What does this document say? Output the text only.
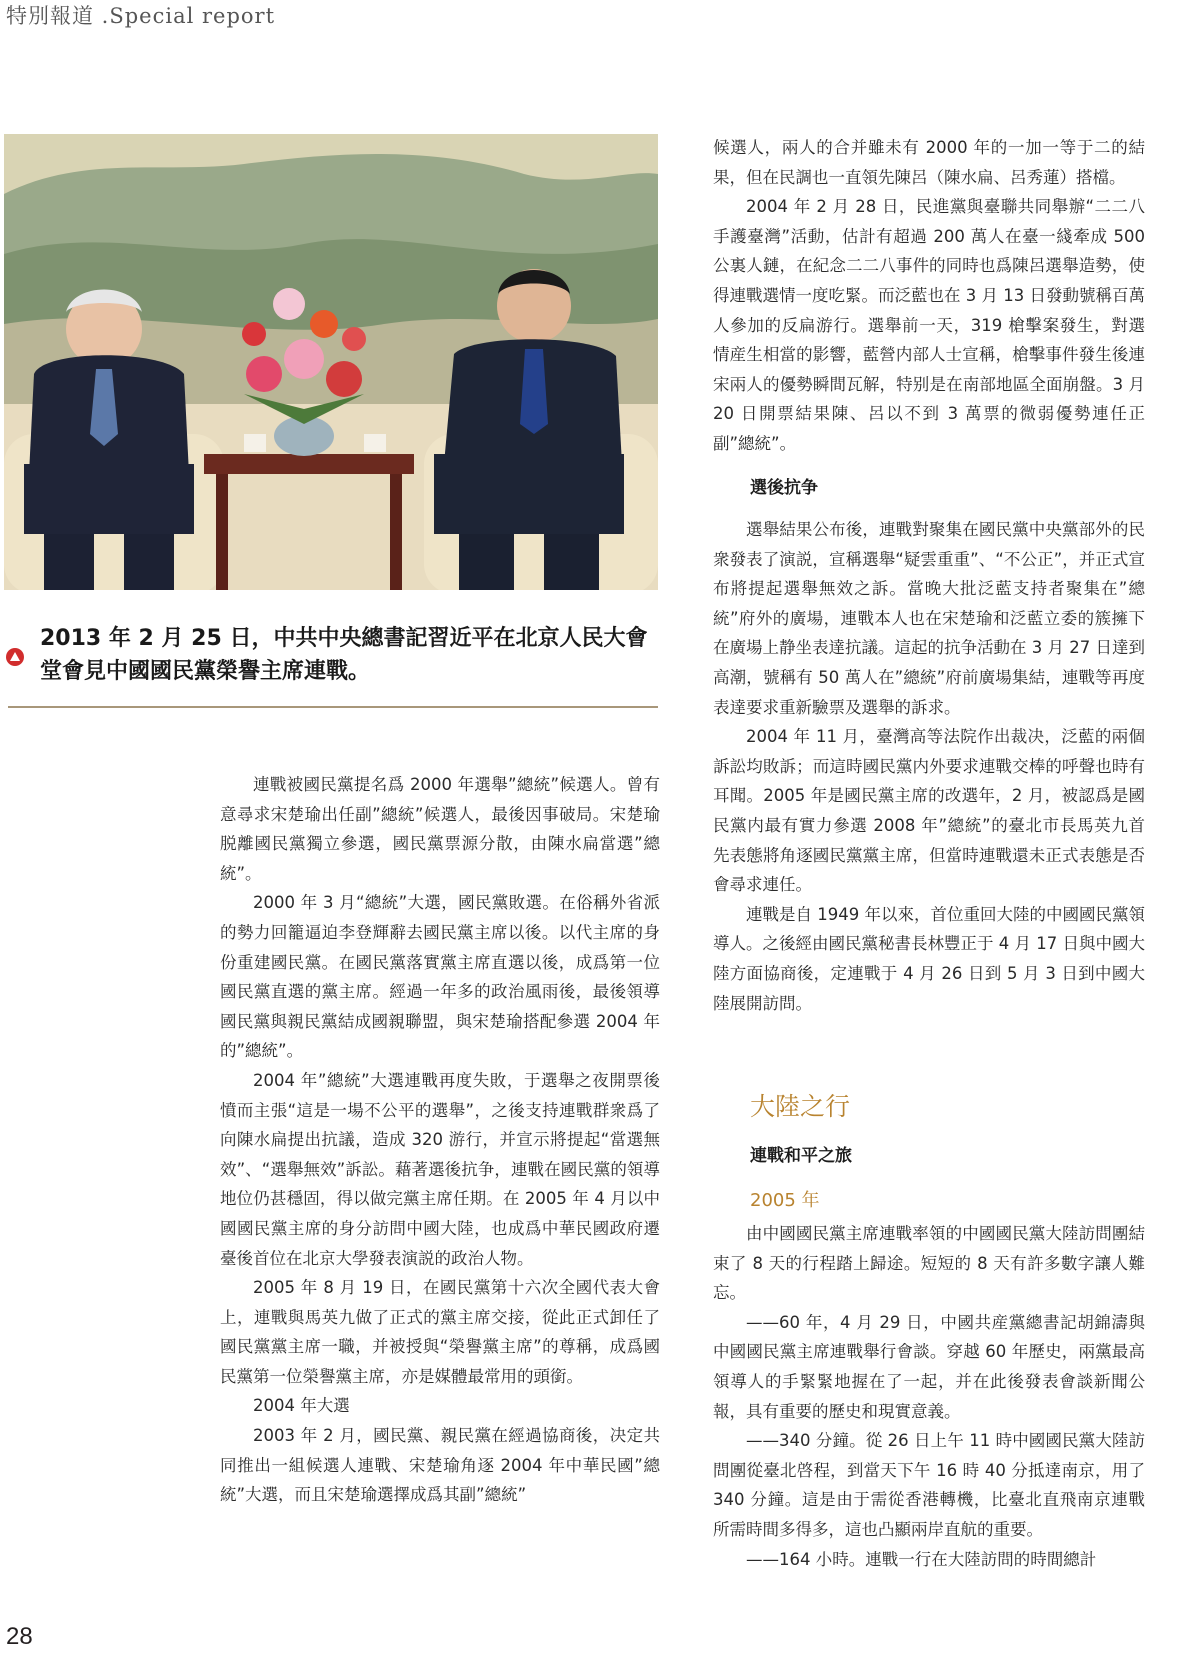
特別報道 .Special report
2013 年 2 月 25 日，中共中央總書記習近平在北京人民大會堂會見中國國民黨榮譽主席連戰。

連戰被國民黨提名爲 2000 年選舉”總統”候選人。曾有意尋求宋楚瑜出任副”總統”候選人，最後因事破局。宋楚瑜脱離國民黨獨立參選，國民黨票源分散，由陳水扁當選”總統”。

2000 年 3 月“總統”大選，國民黨敗選。在俗稱外省派的勢力回籠逼迫李登輝辭去國民黨主席以後。以代主席的身份重建國民黨。在國民黨落實黨主席直選以後，成爲第一位國民黨直選的黨主席。經過一年多的政治風雨後，最後領導國民黨與親民黨結成國親聯盟，與宋楚瑜搭配參選 2004 年的”總統”。

2004 年”總統”大選連戰再度失敗，于選舉之夜開票後憤而主張“這是一場不公平的選舉”，之後支持連戰群衆爲了向陳水扁提出抗議，造成 320 游行，并宣示將提起“當選無效”、“選舉無效”訴訟。藉著選後抗争，連戰在國民黨的領導地位仍甚穩固，得以做完黨主席任期。在 2005 年 4 月以中國國民黨主席的身分訪問中國大陸，也成爲中華民國政府遷臺後首位在北京大學發表演説的政治人物。

2005 年 8 月 19 日，在國民黨第十六次全國代表大會上，連戰與馬英九做了正式的黨主席交接，從此正式卸任了國民黨黨主席一職，并被授與“榮譽黨主席”的尊稱，成爲國民黨第一位榮譽黨主席，亦是媒體最常用的頭銜。

2004 年大選

2003 年 2 月，國民黨、親民黨在經過協商後，决定共同推出一組候選人連戰、宋楚瑜角逐 2004 年中華民國”總統”大選，而且宋楚瑜選擇成爲其副”總統”

候選人，兩人的合并雖未有 2000 年的一加一等于二的結果，但在民調也一直領先陳呂（陳水扁、呂秀蓮）搭檔。

2004 年 2 月 28 日，民進黨與臺聯共同舉辦“二二八手護臺灣”活動，估計有超過 200 萬人在臺一綫牽成 500 公裏人鏈，在紀念二二八事件的同時也爲陳呂選舉造勢，使得連戰選情一度吃緊。而泛藍也在 3 月 13 日發動號稱百萬人參加的反扁游行。選舉前一天，319 槍擊案發生，對選情産生相當的影響，藍營内部人士宣稱，槍擊事件發生後連宋兩人的優勢瞬間瓦解，特别是在南部地區全面崩盤。3 月 20 日開票結果陳、呂以不到 3 萬票的微弱優勢連任正副”總統”。

選後抗争

選舉結果公布後，連戰對聚集在國民黨中央黨部外的民衆發表了演説，宣稱選舉“疑雲重重”、“不公正”，并正式宣布將提起選舉無效之訴。當晚大批泛藍支持者聚集在”總統”府外的廣場，連戰本人也在宋楚瑜和泛藍立委的簇擁下在廣場上静坐表達抗議。這起的抗争活動在 3 月 27 日達到高潮，號稱有 50 萬人在”總統”府前廣場集結，連戰等再度表達要求重新驗票及選舉的訴求。

2004 年 11 月，臺灣高等法院作出裁决，泛藍的兩個訴訟均敗訴；而這時國民黨内外要求連戰交棒的呼聲也時有耳聞。2005 年是國民黨主席的改選年，2 月，被認爲是國民黨内最有實力參選 2008 年”總統”的臺北市長馬英九首先表態將角逐國民黨黨主席，但當時連戰還未正式表態是否會尋求連任。

連戰是自 1949 年以來，首位重回大陸的中國國民黨領導人。之後經由國民黨秘書長林豐正于 4 月 17 日與中國大陸方面協商後，定連戰于 4 月 26 日到 5 月 3 日到中國大陸展開訪問。

大陸之行
連戰和平之旅
2005 年

由中國國民黨主席連戰率領的中國國民黨大陸訪問團結束了 8 天的行程踏上歸途。短短的 8 天有許多數字讓人難忘。

——60 年，4 月 29 日，中國共産黨總書記胡錦濤與中國國民黨主席連戰舉行會談。穿越 60 年歷史，兩黨最高領導人的手緊緊地握在了一起，并在此後發表會談新聞公報，具有重要的歷史和現實意義。

——340 分鐘。從 26 日上午 11 時中國國民黨大陸訪問團從臺北啓程，到當天下午 16 時 40 分抵達南京，用了 340 分鐘。這是由于需從香港轉機，比臺北直飛南京連戰所需時間多得多，這也凸顯兩岸直航的重要。

——164 小時。連戰一行在大陸訪問的時間總計

28
